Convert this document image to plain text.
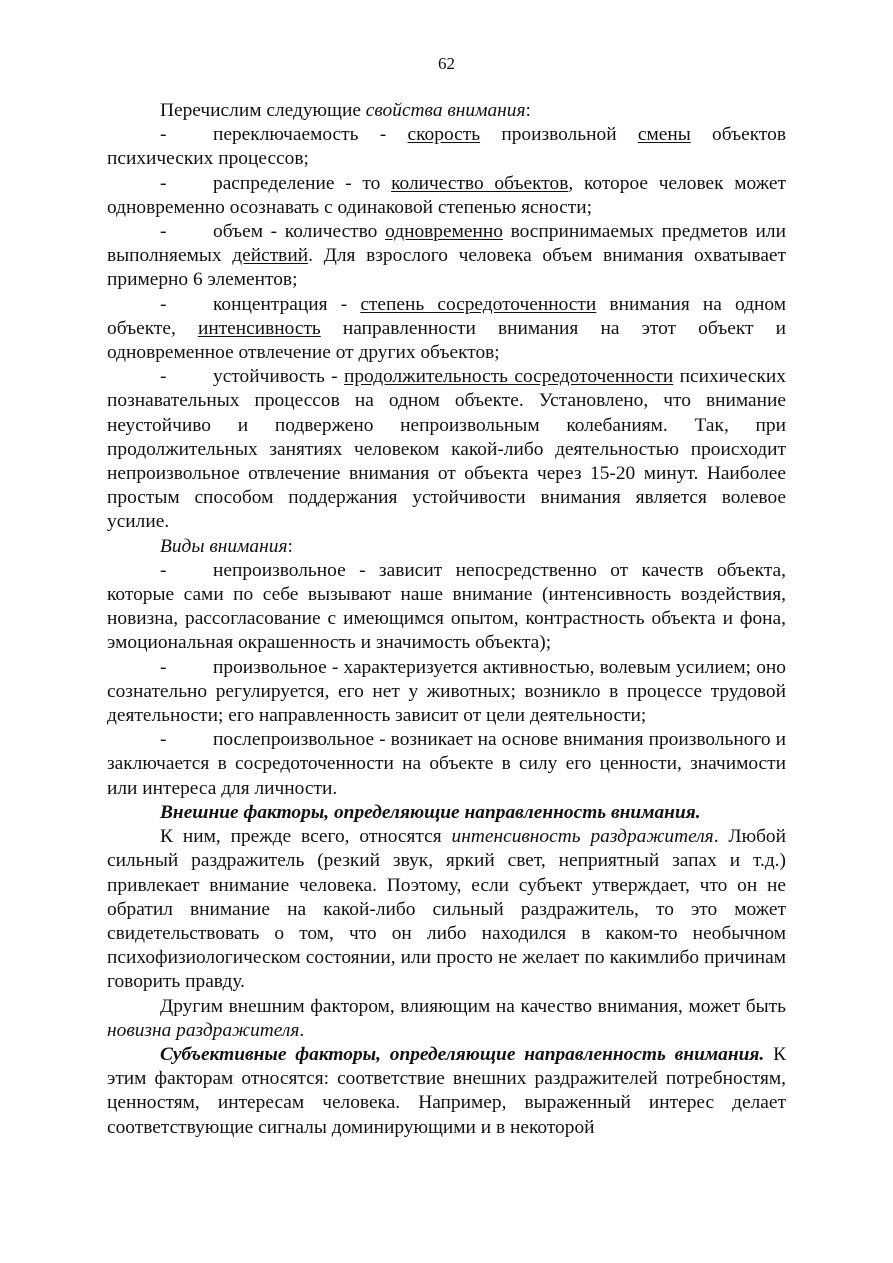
62

Перечислим следующие свойства внимания:

- переключаемость - скорость произвольной смены объектов психических процессов;

- распределение - то количество объектов, которое человек может одновременно осознавать с одинаковой степенью ясности;

- объем - количество одновременно воспринимаемых предметов или выполняемых действий. Для взрослого человека объем внимания охватывает примерно 6 элементов;

- концентрация - степень сосредоточенности внимания на одном объекте, интенсивность направленности внимания на этот объект и одновременное отвлечение от других объектов;

- устойчивость - продолжительность сосредоточенности психических познавательных процессов на одном объекте. Установлено, что внимание неустойчиво и подвержено непроизвольным колебаниям. Так, при продолжительных занятиях человеком какой-либо деятельностью происходит непроизвольное отвлечение внимания от объекта через 15-20 минут. Наиболее простым способом поддержания устойчивости внимания является волевое усилие.

Виды внимания:

- непроизвольное - зависит непосредственно от качеств объекта, которые сами по себе вызывают наше внимание (интенсивность воздействия, новизна, рассогласование с имеющимся опытом, контрастность объекта и фона, эмоциональная окрашенность и значимость объекта);

- произвольное - характеризуется активностью, волевым усилием; оно сознательно регулируется, его нет у животных; возникло в процессе трудовой деятельности; его направленность зависит от цели деятельности;

- послепроизвольное - возникает на основе внимания произвольного и заключается в сосредоточенности на объекте в силу его ценности, значимости или интереса для личности.

Внешние факторы, определяющие направленность внимания.

К ним, прежде всего, относятся интенсивность раздражителя. Любой сильный раздражитель (резкий звук, яркий свет, неприятный запах и т.д.) привлекает внимание человека. Поэтому, если субъект утверждает, что он не обратил внимание на какой-либо сильный раздражитель, то это может свидетельствовать о том, что он либо находился в каком-то необычном психофизиологическом состоянии, или просто не желает по какимлибо причинам говорить правду.

Другим внешним фактором, влияющим на качество внимания, может быть новизна раздражителя.

Субъективные факторы, определяющие направленность внимания. К этим факторам относятся: соответствие внешних раздражителей потребностям, ценностям, интересам человека. Например, выраженный интерес делает соответствующие сигналы доминирующими и в некоторой
